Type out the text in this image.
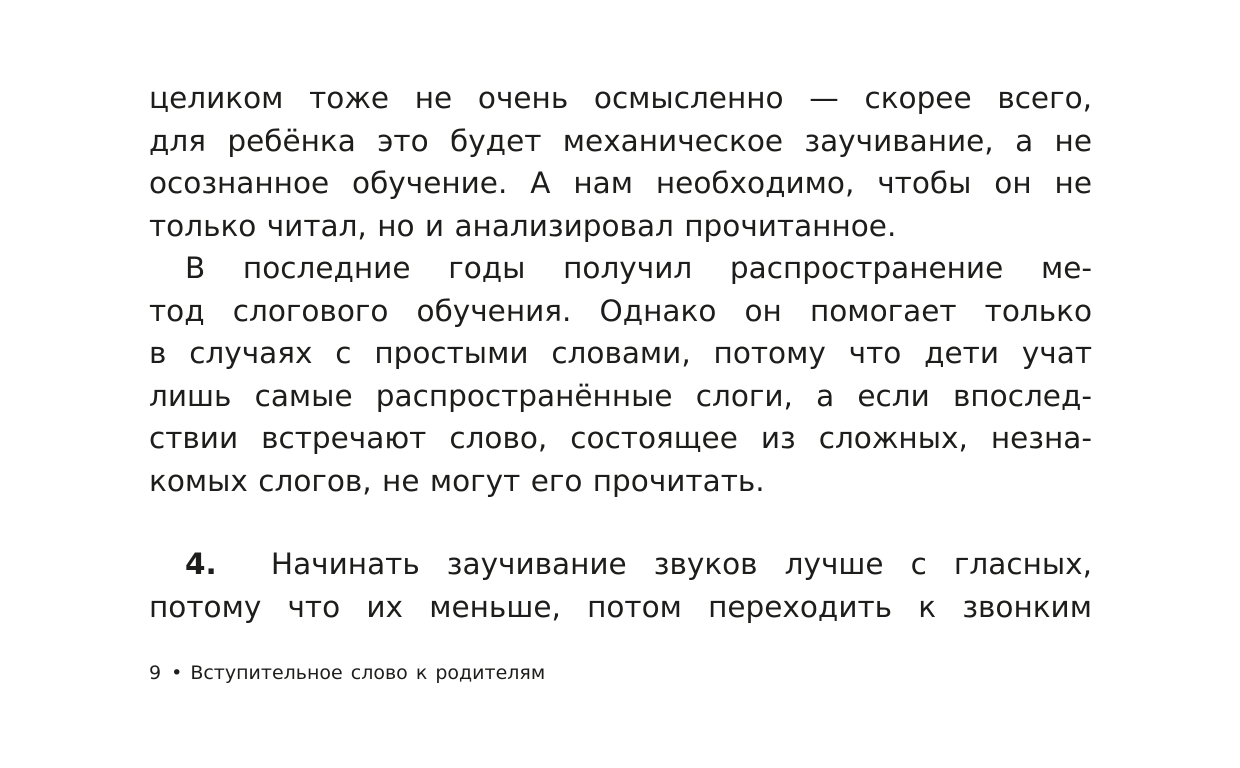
целиком тоже не очень осмысленно — скорее всего,
для ребёнка это будет механическое заучивание, а не
осознанное обучение. А нам необходимо, чтобы он не
только читал, но и анализировал прочитанное.
В последние годы получил распространение ме-
тод слогового обучения. Однако он помогает только
в случаях с простыми словами, потому что дети учат
лишь самые распространённые слоги, а если впослед-
ствии встречают слово, состоящее из сложных, незна-
комых слогов, не могут его прочитать.
4. Начинать заучивание звуков лучше с гласных,
потому что их меньше, потом переходить к звонким
9 • Вступительное слово к родителям
